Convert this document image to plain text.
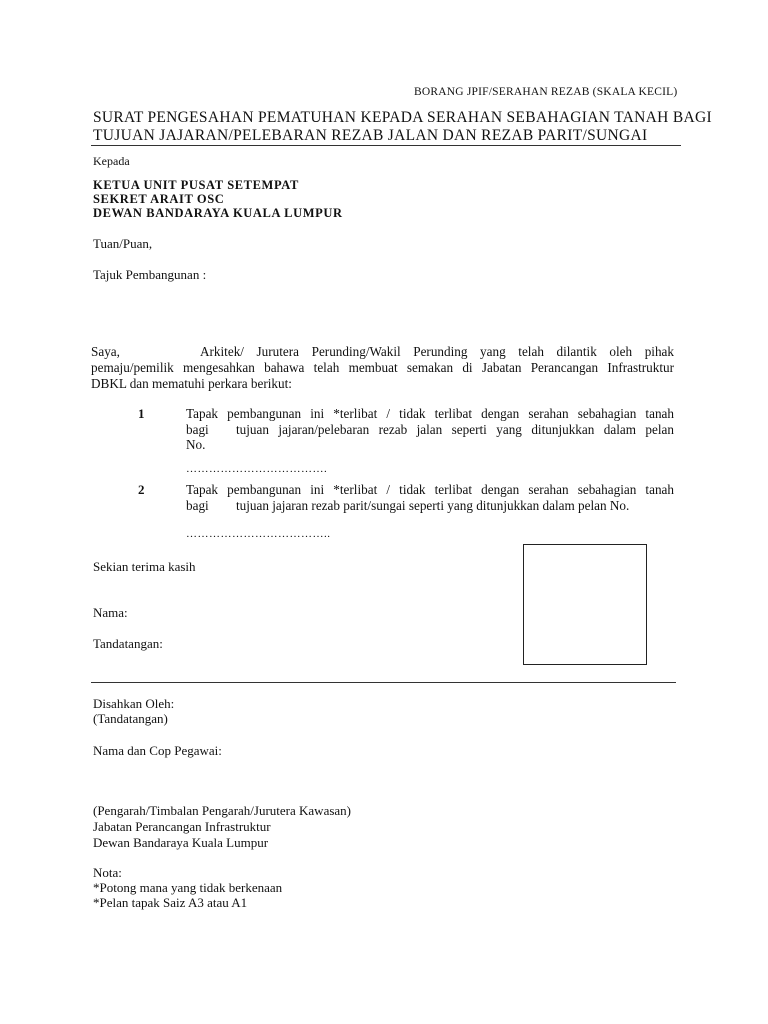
BORANG JPIF/SERAHAN REZAB (SKALA KECIL)
SURAT PENGESAHAN PEMATUHAN KEPADA SERAHAN SEBAHAGIAN TANAH BAGI
TUJUAN JAJARAN/PELEBARAN REZAB JALAN DAN REZAB PARIT/SUNGAI
Kepada
KETUA UNIT PUSAT SETEMPAT
SEKRET ARAIT OSC
DEWAN BANDARAYA KUALA LUMPUR
Tuan/Puan,
Tajuk Pembangunan :
Saya,	Arkitek/ Jurutera Perunding/Wakil Perunding yang telah dilantik oleh pihak
pemaju/pemilik mengesahkan bahawa telah membuat semakan di Jabatan Perancangan Infrastruktur
DBKL dan mematuhi perkara berikut:
1	Tapak pembangunan ini *terlibat / tidak terlibat dengan serahan sebahagian tanah
bagi tujuan jajaran/pelebaran rezab jalan seperti yang ditunjukkan dalam pelan
No.
……………………………….
2	Tapak pembangunan ini *terlibat / tidak terlibat dengan serahan sebahagian tanah
bagi tujuan jajaran rezab parit/sungai seperti yang ditunjukkan dalam pelan No.
………………………………..
Sekian terima kasih
Nama:
Tandatangan:
Disahkan Oleh:
(Tandatangan)
Nama dan Cop Pegawai:
(Pengarah/Timbalan Pengarah/Jurutera Kawasan)
Jabatan Perancangan Infrastruktur
Dewan Bandaraya Kuala Lumpur
Nota:
*Potong mana yang tidak berkenaan
*Pelan tapak Saiz A3 atau A1
